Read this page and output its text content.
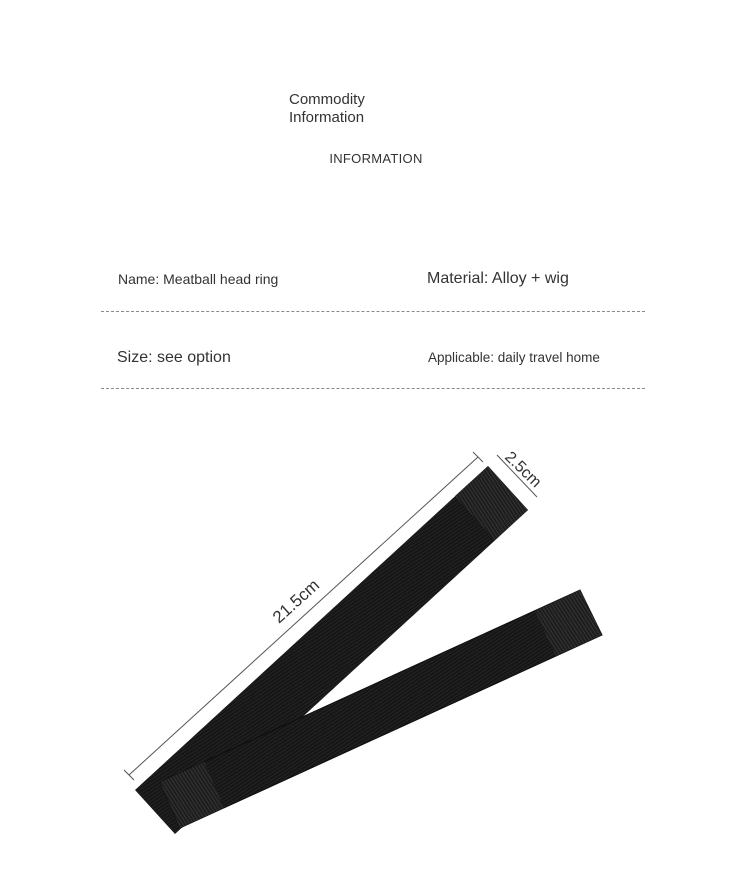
Commodity
Information
INFORMATION
Name: Meatball head ring	Material: Alloy + wig
Size: see option	Applicable: daily travel home
21.5cm
2.5cm
